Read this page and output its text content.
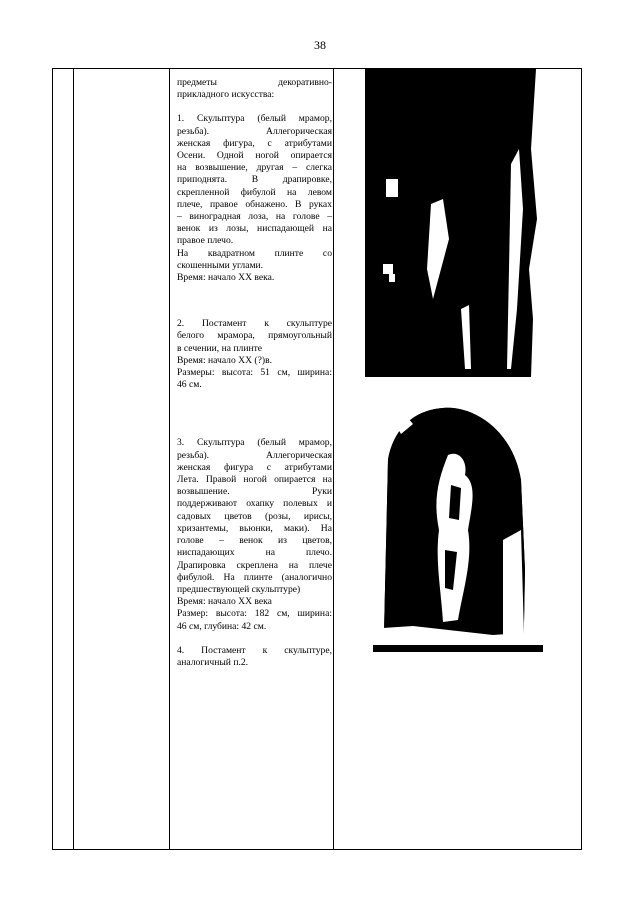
38

предметы декоративно-

прикладного искусства:

1. Скульптура (белый мрамор,

резьба). Аллегорическая

женская фигура, с атрибутами

Осени. Одной ногой опирается

на возвышение, другая – слегка

приподнята. В драпировке,

скрепленной фибулой на левом

плече, правое обнажено. В руках

– виноградная лоза, на голове –

венок из лозы, ниспадающей на

правое плечо.

На квадратном плинте со

скошенными углами.

Время: начало XX века.

2. Постамент к скульптуре

белого мрамора, прямоугольный

в сечении, на плинте

Время: начало XX (?)в.

Размеры: высота: 51 см, ширина:

46 см.

3. Скульптура (белый мрамор,

резьба). Аллегорическая

женская фигура с атрибутами

Лета. Правой ногой опирается на

возвышение. Руки

поддерживают охапку полевых и

садовых цветов (розы, ирисы,

хризантемы, вьюнки, маки). На

голове – венок из цветов,

ниспадающих на плечо.

Драпировка скреплена на плече

фибулой. На плинте (аналогично

предшествующей скульптуре)

Время: начало XX века

Размер: высота: 182 см, ширина:

46 см, глубина: 42 см.

4. Постамент к скульптуре,

аналогичный п.2.
